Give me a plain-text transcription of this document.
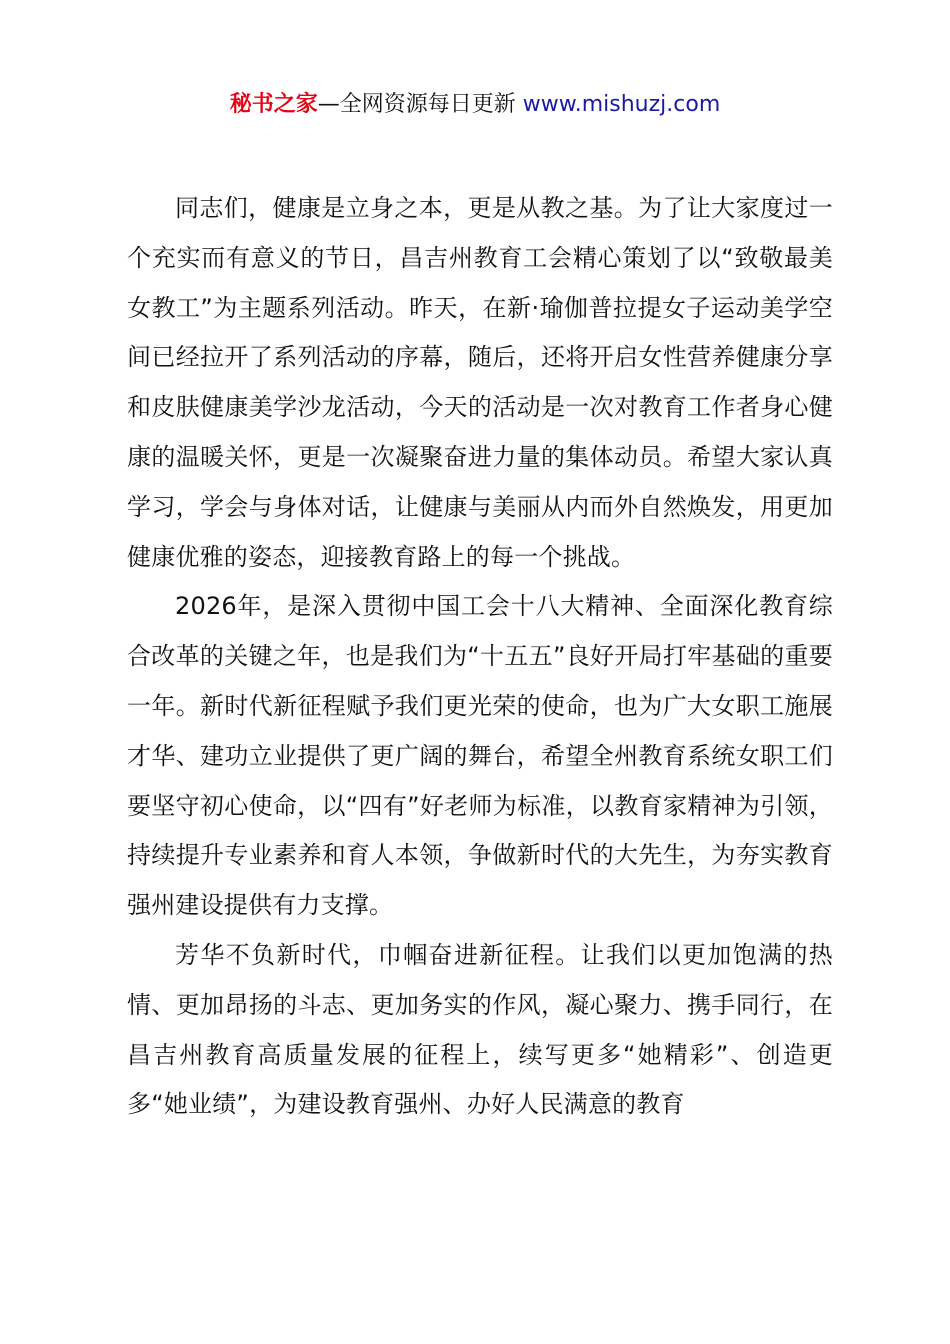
秘书之家—全网资源每日更新 www.mishuzj.com

同志们，健康是立身之本，更是从教之基。为了让大家度过一个充实而有意义的节日，昌吉州教育工会精心策划了以“致敬最美女教工”为主题系列活动。昨天，在新·瑜伽普拉提女子运动美学空间已经拉开了系列活动的序幕，随后，还将开启女性营养健康分享和皮肤健康美学沙龙活动，今天的活动是一次对教育工作者身心健康的温暖关怀，更是一次凝聚奋进力量的集体动员。希望大家认真学习，学会与身体对话，让健康与美丽从内而外自然焕发，用更加健康优雅的姿态，迎接教育路上的每一个挑战。

2026年，是深入贯彻中国工会十八大精神、全面深化教育综合改革的关键之年，也是我们为“十五五”良好开局打牢基础的重要一年。新时代新征程赋予我们更光荣的使命，也为广大女职工施展才华、建功立业提供了更广阔的舞台，希望全州教育系统女职工们要坚守初心使命，以“四有”好老师为标准，以教育家精神为引领，持续提升专业素养和育人本领，争做新时代的大先生，为夯实教育强州建设提供有力支撑。

芳华不负新时代，巾帼奋进新征程。让我们以更加饱满的热情、更加昂扬的斗志、更加务实的作风，凝心聚力、携手同行，在昌吉州教育高质量发展的征程上，续写更多“她精彩”、创造更多“她业绩”，为建设教育强州、办好人民满意的教育
